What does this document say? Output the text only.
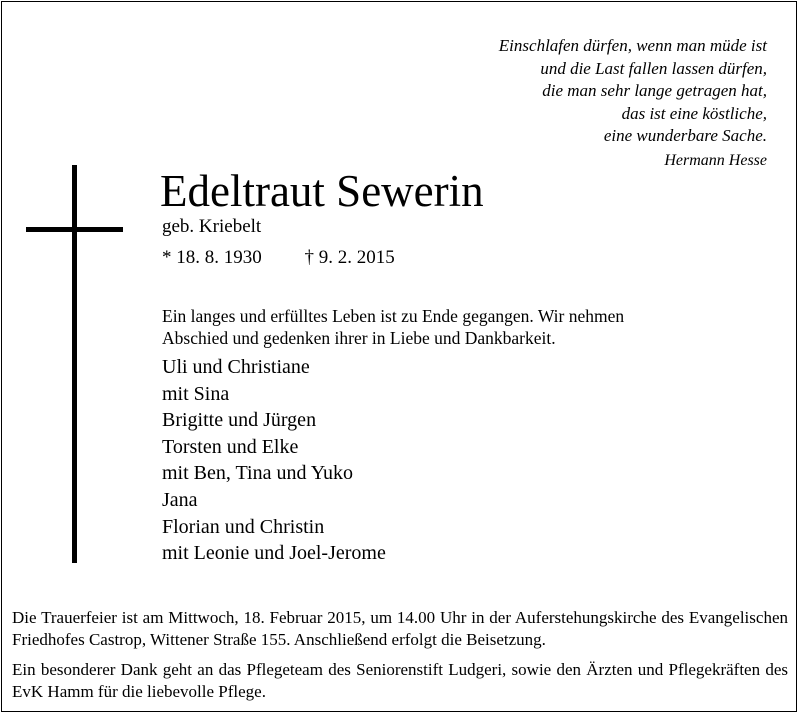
Einschlafen dürfen, wenn man müde ist
und die Last fallen lassen dürfen,
die man sehr lange getragen hat,
das ist eine köstliche,
eine wunderbare Sache.
Hermann Hesse
Edeltraut Sewerin
geb. Kriebelt
* 18. 8. 1930 † 9. 2. 2015
Ein langes und erfülltes Leben ist zu Ende gegangen. Wir nehmen Abschied und gedenken ihrer in Liebe und Dankbarkeit.
Uli und Christiane
mit Sina
Brigitte und Jürgen
Torsten und Elke
mit Ben, Tina und Yuko
Jana
Florian und Christin
mit Leonie und Joel-Jerome

Die Trauerfeier ist am Mittwoch, 18. Februar 2015, um 14.00 Uhr in der Auferstehungskirche des Evangelischen Friedhofes Castrop, Wittener Straße 155. Anschließend erfolgt die Beisetzung.

Ein besonderer Dank geht an das Pflegeteam des Seniorenstift Ludgeri, sowie den Ärzten und Pflegekräften des EvK Hamm für die liebevolle Pflege.
